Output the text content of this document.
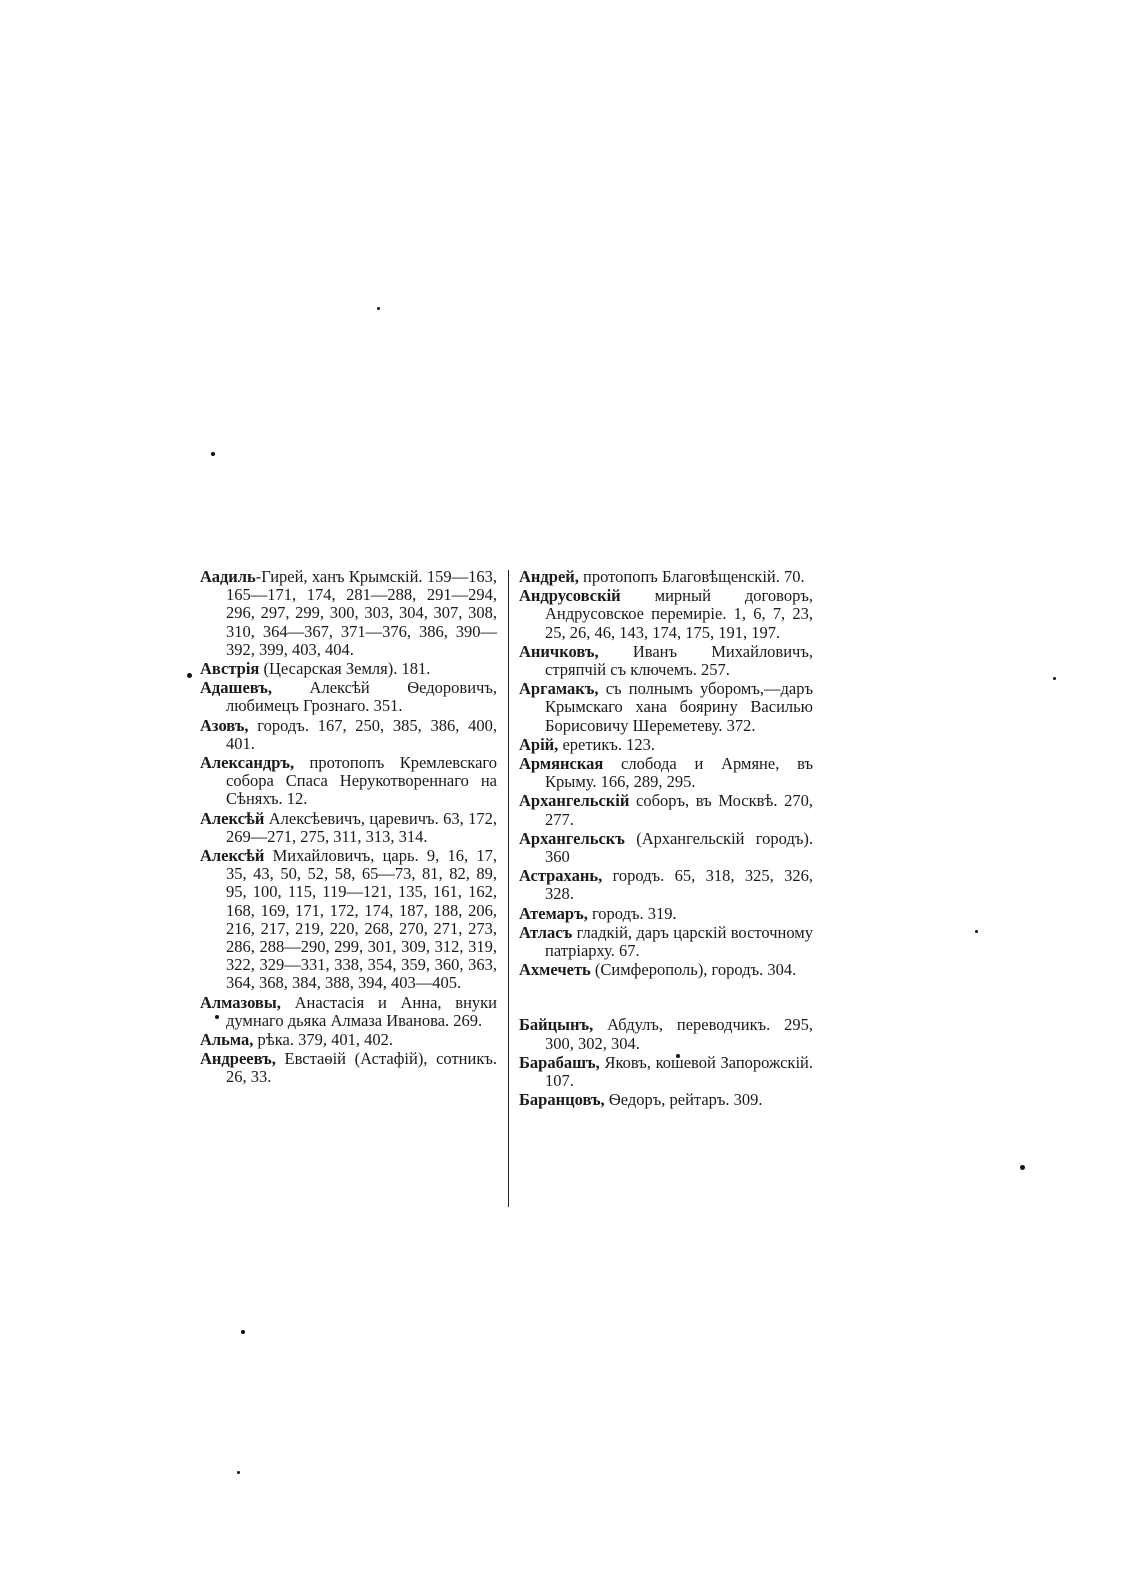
Аадиль-Гирей, ханъ Крымскій. 159—163, 165—171, 174, 281—288, 291—294, 296, 297, 299, 300, 303, 304, 307, 308, 310, 364—367, 371—376, 386, 390—392, 399, 403, 404.
Австрія (Цесарская Земля). 181.
Адашевъ, Алексѣй Ѳедоровичъ, любимецъ Грознаго. 351.
Азовъ, городъ. 167, 250, 385, 386, 400, 401.
Александръ, протопопъ Кремлевскаго собора Спаса Нерукотвореннаго на Сѣняхъ. 12.
Алексѣй Алексѣевичъ, царевичъ. 63, 172, 269—271, 275, 311, 313, 314.
Алексѣй Михайловичъ, царь. 9, 16, 17, 35, 43, 50, 52, 58, 65—73, 81, 82, 89, 95, 100, 115, 119—121, 135, 161, 162, 168, 169, 171, 172, 174, 187, 188, 206, 216, 217, 219, 220, 268, 270, 271, 273, 286, 288—290, 299, 301, 309, 312, 319, 322, 329—331, 338, 354, 359, 360, 363, 364, 368, 384, 388, 394, 403—405.
Алмазовы, Анастасія и Анна, внуки думнаго дьяка Алмаза Иванова. 269.
Альма, рѣка. 379, 401, 402.
Андреевъ, Евстаѳій (Астафій), сотникъ. 26, 33.
Андрей, протопопъ Благовѣщенскій. 70.
Андрусовскій мирный договоръ, Андрусовское перемиріе. 1, 6, 7, 23, 25, 26, 46, 143, 174, 175, 191, 197.
Аничковъ, Иванъ Михайловичъ, стряпчій съ ключемъ. 257.
Аргамакъ, съ полнымъ уборомъ,—даръ Крымскаго хана боярину Василью Борисовичу Шереметеву. 372.
Арій, еретикъ. 123.
Армянская слобода и Армяне, въ Крыму. 166, 289, 295.
Архангельскій соборъ, въ Москвѣ. 270, 277.
Архангельскъ (Архангельскій городъ). 360
Астрахань, городъ. 65, 318, 325, 326, 328.
Атемаръ, городъ. 319.
Атласъ гладкій, даръ царскій восточному патріарху. 67.
Ахмечеть (Симферополь), городъ. 304.
Байцынъ, Абдулъ, переводчикъ. 295, 300, 302, 304.
Барабашъ, Яковъ, кошевой Запорожскій. 107.
Баранцовъ, Ѳедоръ, рейтаръ. 309.
